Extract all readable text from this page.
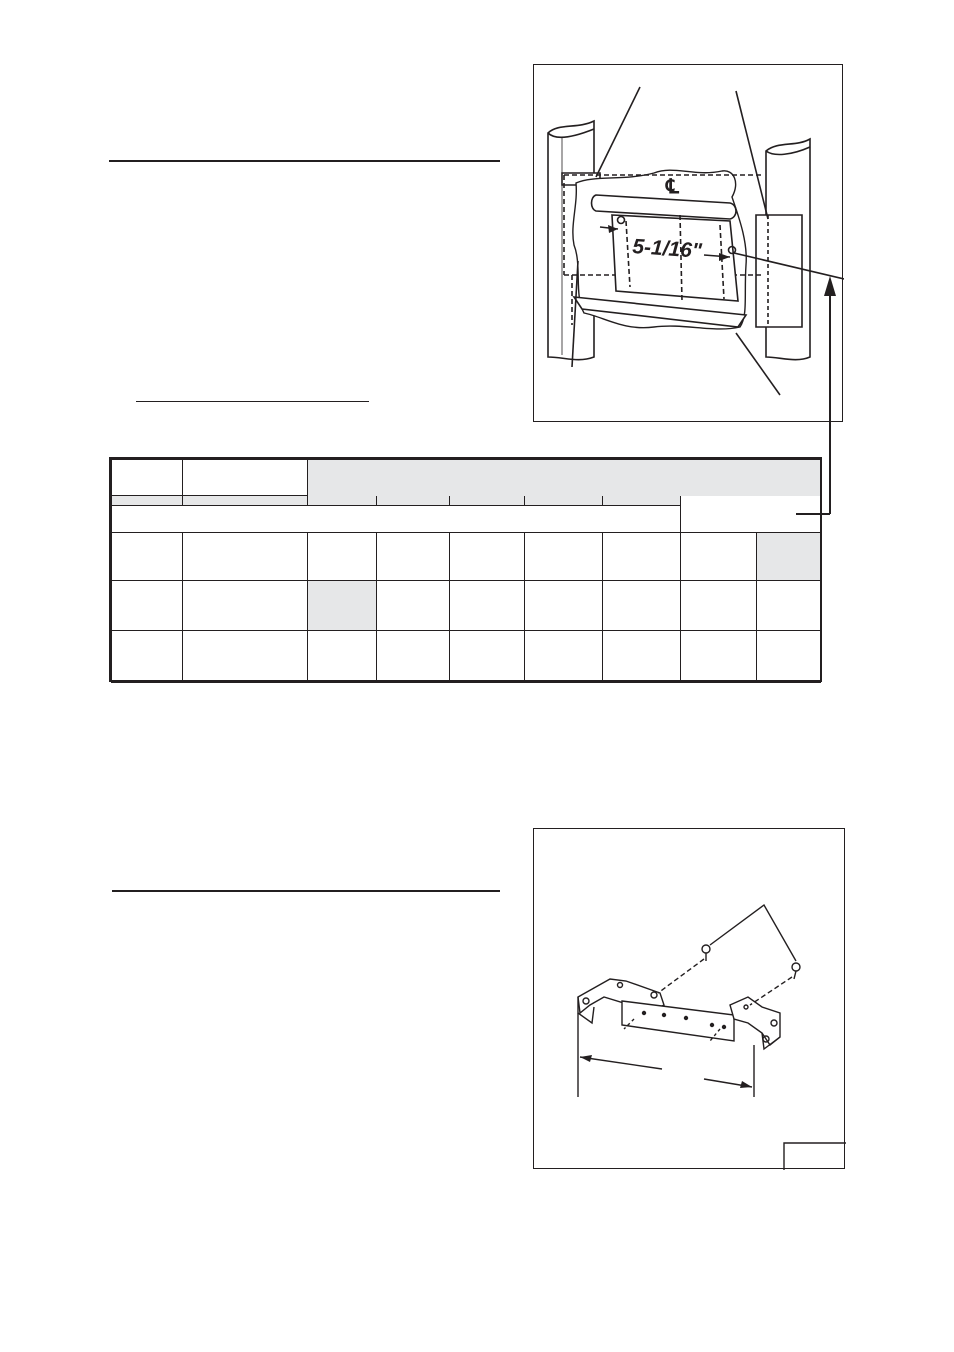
5-1/16"
℄
